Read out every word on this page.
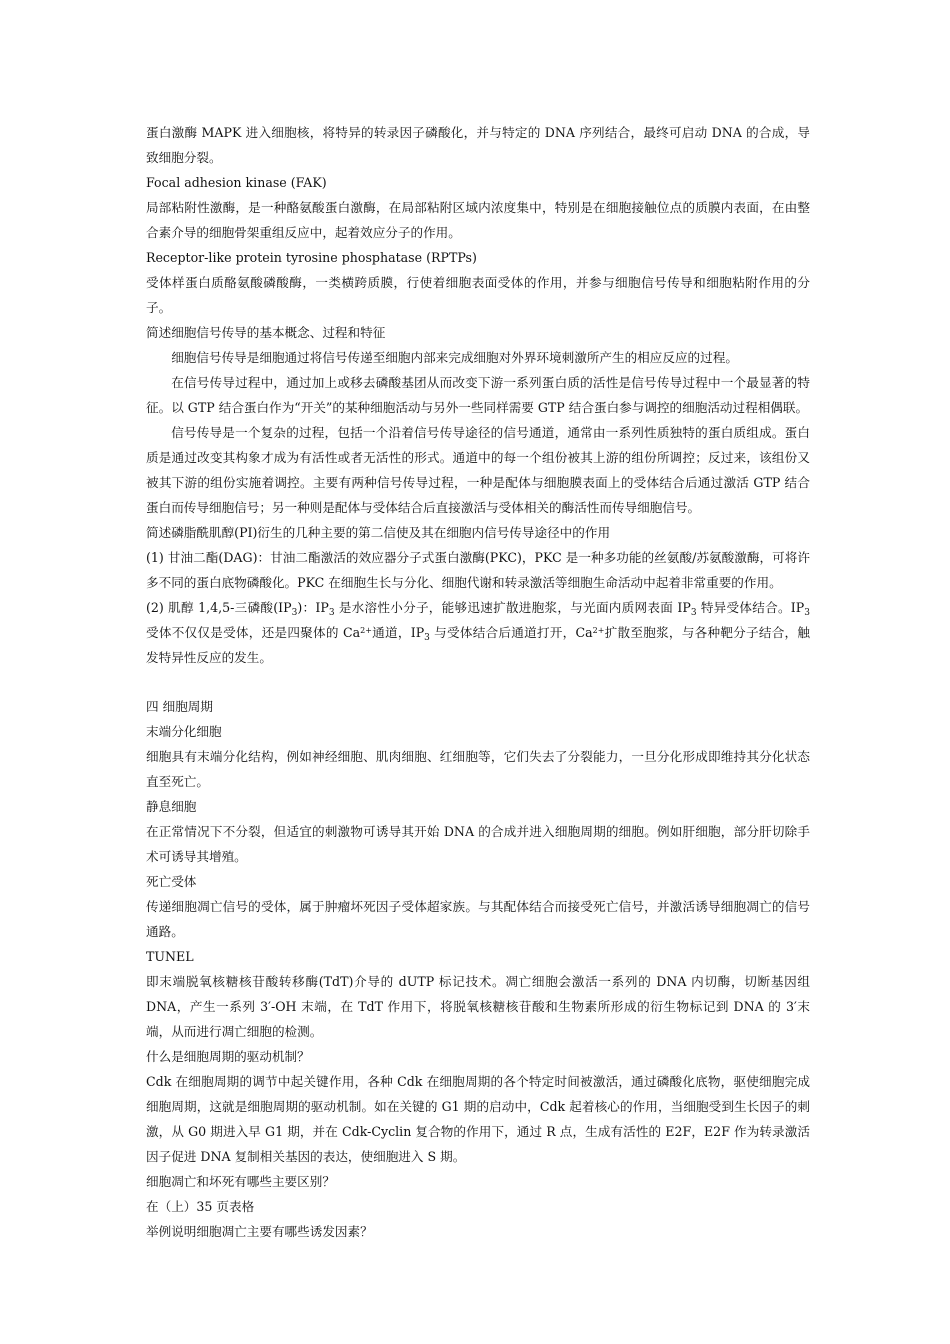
蛋白激酶 MAPK 进入细胞核，将特异的转录因子磷酸化，并与特定的 DNA 序列结合，最终可启动 DNA 的合成，导致细胞分裂。

Focal adhesion kinase (FAK)

局部粘附性激酶，是一种酪氨酸蛋白激酶，在局部粘附区域内浓度集中，特别是在细胞接触位点的质膜内表面，在由整合素介导的细胞骨架重组反应中，起着效应分子的作用。

Receptor-like protein tyrosine phosphatase (RPTPs)

受体样蛋白质酪氨酸磷酸酶，一类横跨质膜，行使着细胞表面受体的作用，并参与细胞信号传导和细胞粘附作用的分子。

简述细胞信号传导的基本概念、过程和特征

细胞信号传导是细胞通过将信号传递至细胞内部来完成细胞对外界环境刺激所产生的相应反应的过程。

在信号传导过程中，通过加上或移去磷酸基团从而改变下游一系列蛋白质的活性是信号传导过程中一个最显著的特征。以 GTP 结合蛋白作为“开关”的某种细胞活动与另外一些同样需要 GTP 结合蛋白参与调控的细胞活动过程相偶联。

信号传导是一个复杂的过程，包括一个沿着信号传导途径的信号通道，通常由一系列性质独特的蛋白质组成。蛋白质是通过改变其构象才成为有活性或者无活性的形式。通道中的每一个组份被其上游的组份所调控；反过来，该组份又被其下游的组份实施着调控。主要有两种信号传导过程，一种是配体与细胞膜表面上的受体结合后通过激活 GTP 结合蛋白而传导细胞信号；另一种则是配体与受体结合后直接激活与受体相关的酶活性而传导细胞信号。

简述磷脂酰肌醇(PI)衍生的几种主要的第二信使及其在细胞内信号传导途径中的作用

(1) 甘油二酯(DAG)：甘油二酯激活的效应器分子式蛋白激酶(PKC)，PKC 是一种多功能的丝氨酸/苏氨酸激酶，可将许多不同的蛋白底物磷酸化。PKC 在细胞生长与分化、细胞代谢和转录激活等细胞生命活动中起着非常重要的作用。

(2) 肌醇 1,4,5-三磷酸$(IP_3)$：$IP_3$ 是水溶性小分子，能够迅速扩散进胞浆，与光面内质网表面 $IP_3$ 特异受体结合。$IP_3$ 受体不仅仅是受体，还是四聚体的 $Ca^{2+}$通道，$IP_3$ 与受体结合后通道打开，$Ca^{2+}$扩散至胞浆，与各种靶分子结合，触发特异性反应的发生。

四 细胞周期

末端分化细胞

细胞具有末端分化结构，例如神经细胞、肌肉细胞、红细胞等，它们失去了分裂能力，一旦分化形成即维持其分化状态直至死亡。

静息细胞

在正常情况下不分裂，但适宜的刺激物可诱导其开始 DNA 的合成并进入细胞周期的细胞。例如肝细胞，部分肝切除手术可诱导其增殖。

死亡受体

传递细胞凋亡信号的受体，属于肿瘤坏死因子受体超家族。与其配体结合而接受死亡信号，并激活诱导细胞凋亡的信号通路。

TUNEL

即末端脱氧核糖核苷酸转移酶(TdT)介导的 dUTP 标记技术。凋亡细胞会激活一系列的 DNA 内切酶，切断基因组 DNA，产生一系列 3′-OH 末端，在 TdT 作用下，将脱氧核糖核苷酸和生物素所形成的衍生物标记到 DNA 的 3′末端，从而进行凋亡细胞的检测。

什么是细胞周期的驱动机制？

Cdk 在细胞周期的调节中起关键作用，各种 Cdk 在细胞周期的各个特定时间被激活，通过磷酸化底物，驱使细胞完成细胞周期，这就是细胞周期的驱动机制。如在关键的 G1 期的启动中，Cdk 起着核心的作用，当细胞受到生长因子的刺激，从 G0 期进入早 G1 期，并在 Cdk-Cyclin 复合物的作用下，通过 R 点，生成有活性的 E2F，E2F 作为转录激活因子促进 DNA 复制相关基因的表达，使细胞进入 S 期。

细胞凋亡和坏死有哪些主要区别？

在（上）35 页表格

举例说明细胞凋亡主要有哪些诱发因素？
